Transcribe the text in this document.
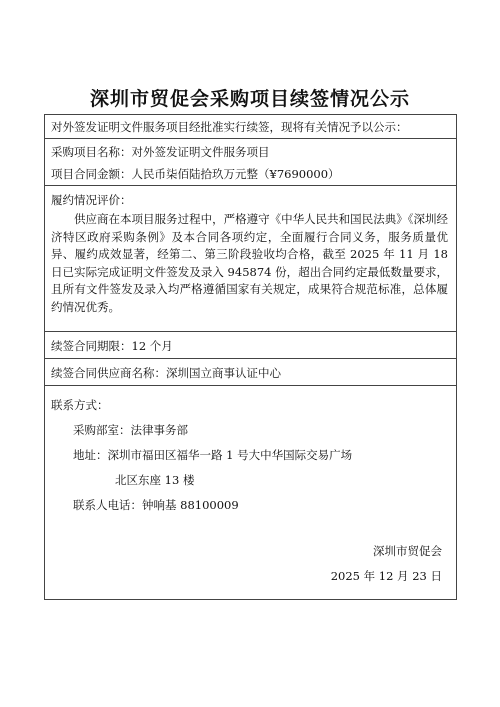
深圳市贸促会采购项目续签情况公示
对外签发证明文件服务项目经批准实行续签，现将有关情况予以公示：
采购项目名称：对外签发证明文件服务项目
项目合同金额：人民币柒佰陆拾玖万元整（¥7690000）
履约情况评价：
供应商在本项目服务过程中，严格遵守《中华人民共和国民法典》《深圳经济特区政府采购条例》及本合同各项约定，全面履行合同义务，服务质量优异、履约成效显著，经第二、第三阶段验收均合格，截至 2025 年 11 月 18 日已实际完成证明文件签发及录入 945874 份，超出合同约定最低数量要求，且所有文件签发及录入均严格遵循国家有关规定，成果符合规范标准，总体履约情况优秀。
续签合同期限：12 个月
续签合同供应商名称：深圳国立商事认证中心
联系方式：
采购部室：法律事务部
地址：深圳市福田区福华一路 1 号大中华国际交易广场
北区东座 13 楼
联系人电话：钟响基 88100009
深圳市贸促会
2025 年 12 月 23 日
